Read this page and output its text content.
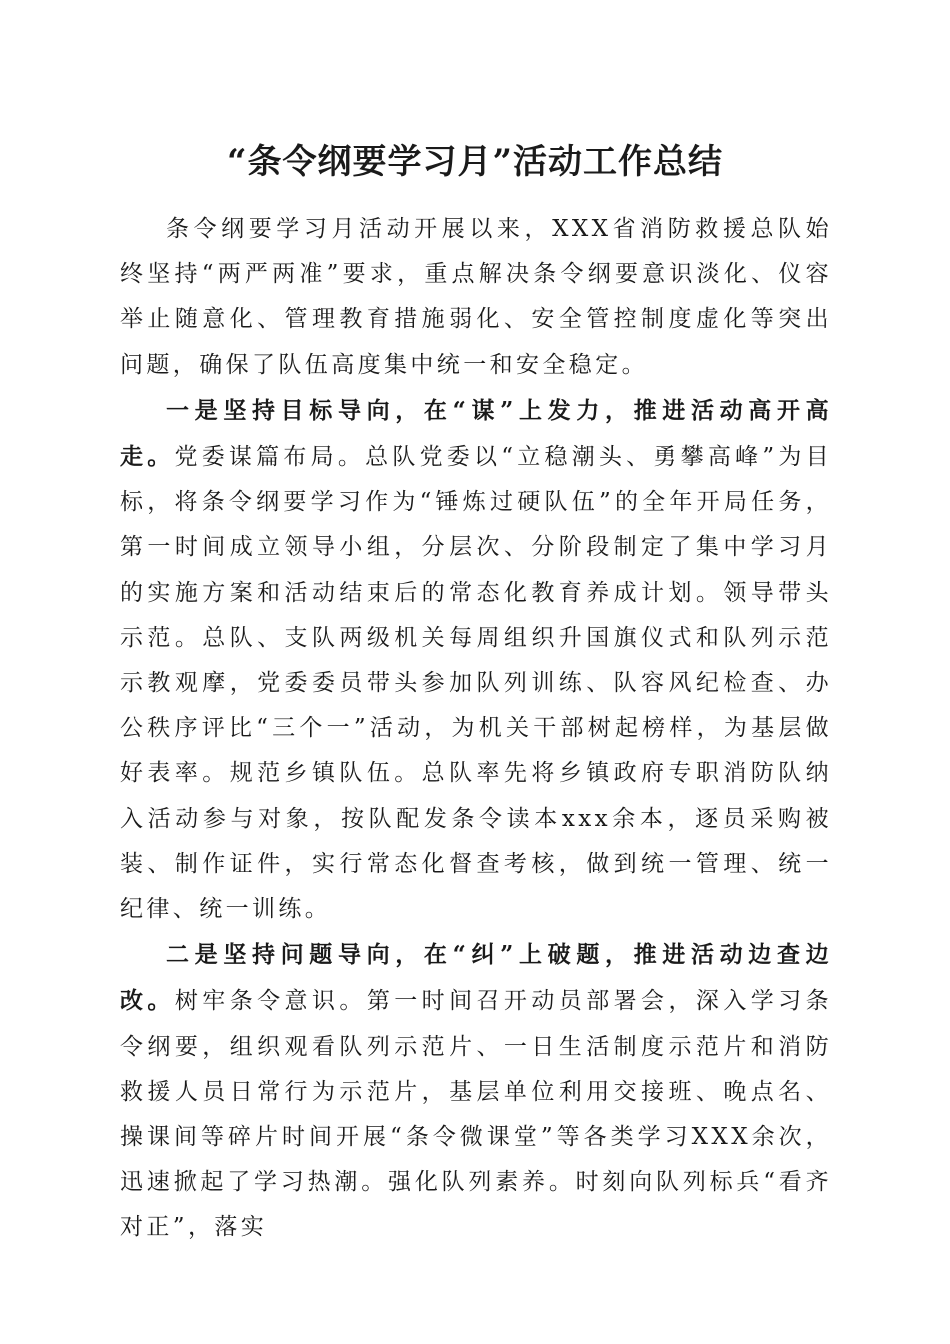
“条令纲要学习月”活动工作总结

条令纲要学习月活动开展以来，XXX省消防救援总队始终坚持“两严两准”要求，重点解决条令纲要意识淡化、仪容举止随意化、管理教育措施弱化、安全管控制度虚化等突出问题，确保了队伍高度集中统一和安全稳定。

一是坚持目标导向，在“谋”上发力，推进活动高开高走。党委谋篇布局。总队党委以“立稳潮头、勇攀高峰”为目标，将条令纲要学习作为“锤炼过硬队伍”的全年开局任务，第一时间成立领导小组，分层次、分阶段制定了集中学习月的实施方案和活动结束后的常态化教育养成计划。领导带头示范。总队、支队两级机关每周组织升国旗仪式和队列示范示教观摩，党委委员带头参加队列训练、队容风纪检查、办公秩序评比“三个一”活动，为机关干部树起榜样，为基层做好表率。规范乡镇队伍。总队率先将乡镇政府专职消防队纳入活动参与对象，按队配发条令读本xxx余本，逐员采购被装、制作证件，实行常态化督查考核，做到统一管理、统一纪律、统一训练。

二是坚持问题导向，在“纠”上破题，推进活动边查边改。树牢条令意识。第一时间召开动员部署会，深入学习条令纲要，组织观看队列示范片、一日生活制度示范片和消防救援人员日常行为示范片，基层单位利用交接班、晚点名、操课间等碎片时间开展“条令微课堂”等各类学习XXX余次，迅速掀起了学习热潮。强化队列素养。时刻向队列标兵“看齐对正”，落实
